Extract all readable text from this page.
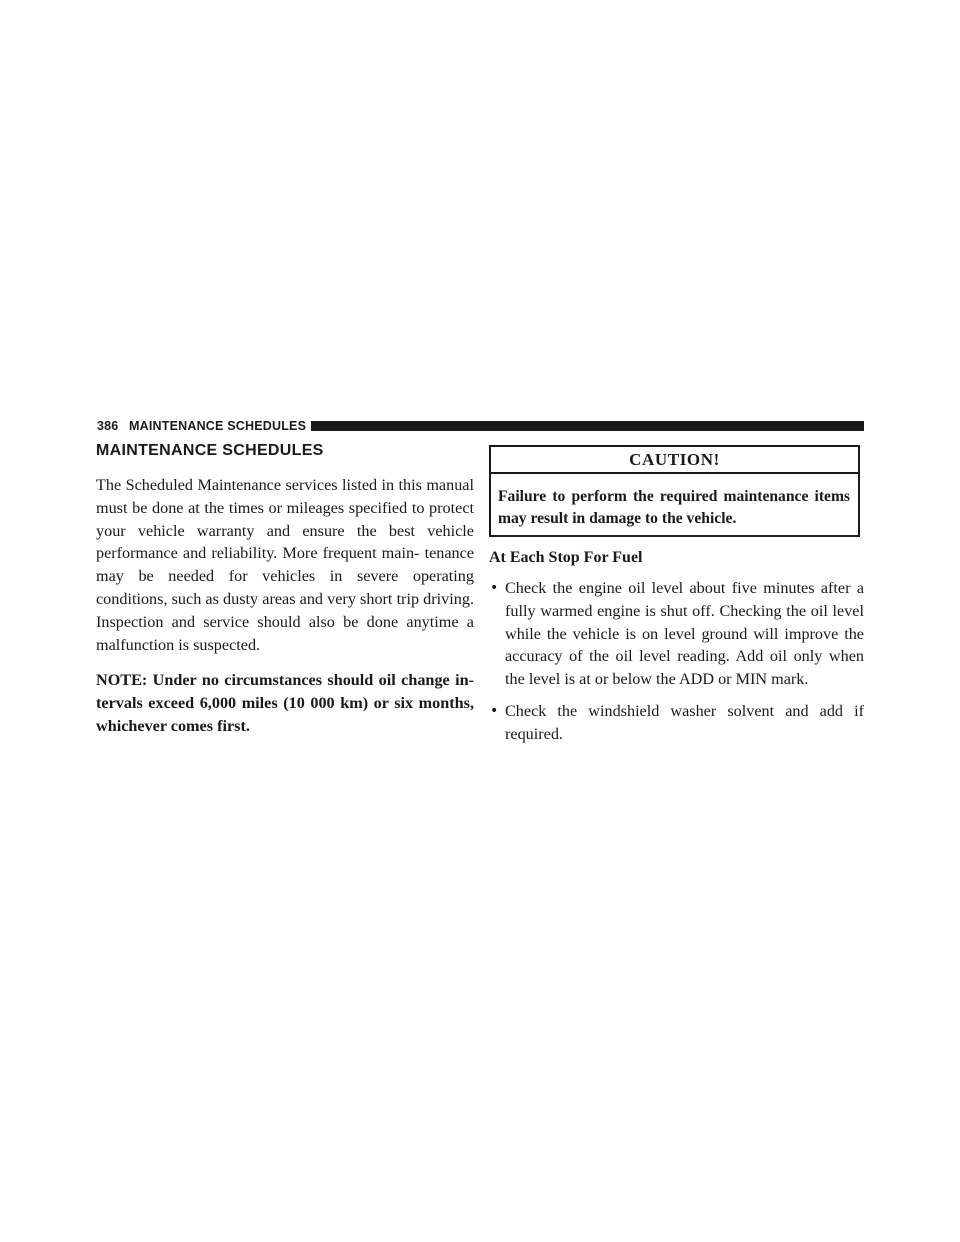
386 MAINTENANCE SCHEDULES
MAINTENANCE SCHEDULES

The Scheduled Maintenance services listed in this manual must be done at the times or mileages specified to protect your vehicle warranty and ensure the best vehicle performance and reliability. More frequent main- tenance may be needed for vehicles in severe operating conditions, such as dusty areas and very short trip driving. Inspection and service should also be done anytime a malfunction is suspected.

NOTE: Under no circumstances should oil change in- tervals exceed 6,000 miles (10 000 km) or six months, whichever comes first.

CAUTION!
Failure to perform the required maintenance items may result in damage to the vehicle.
At Each Stop For Fuel
• Check the engine oil level about five minutes after a fully warmed engine is shut off. Checking the oil level while the vehicle is on level ground will improve the accuracy of the oil level reading. Add oil only when the level is at or below the ADD or MIN mark.
• Check the windshield washer solvent and add if required.
